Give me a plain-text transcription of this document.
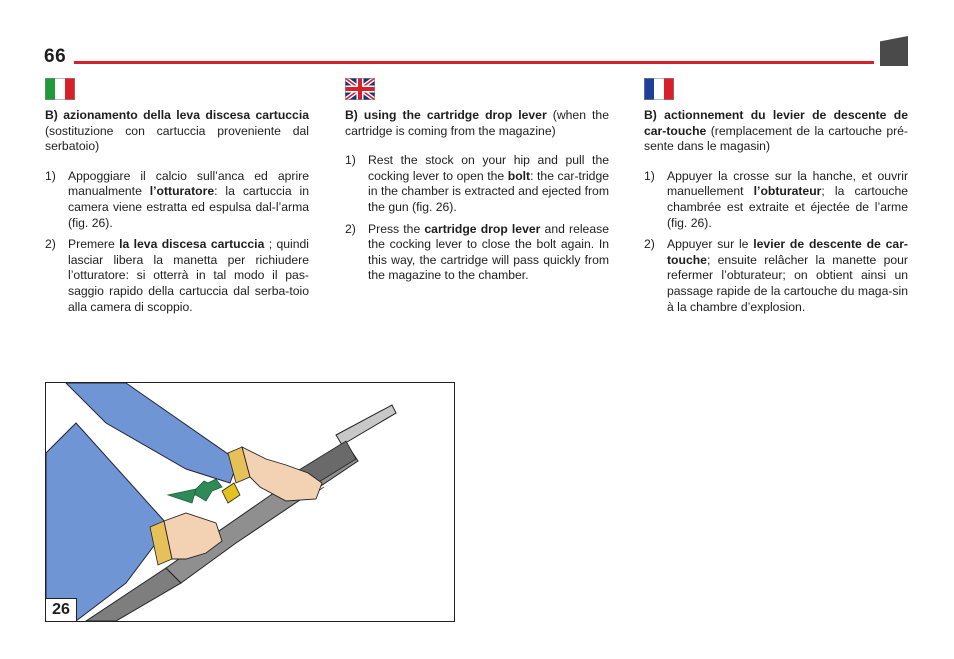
66

B) azionamento della leva discesa cartuccia (sostituzione con cartuccia proveniente dal serbatoio)

1) Appoggiare il calcio sull’anca ed aprire manualmente l’otturatore: la cartuccia in camera viene estratta ed espulsa dal-l’arma (fig. 26).
2) Premere la leva discesa cartuccia ; quindi lasciar libera la manetta per richiudere l’otturatore: si otterrà in tal modo il pas-saggio rapido della cartuccia dal serba-toio alla camera di scoppio.

B) using the cartridge drop lever (when the cartridge is coming from the magazine)

1) Rest the stock on your hip and pull the cocking lever to open the bolt: the car-tridge in the chamber is extracted and ejected from the gun (fig. 26).
2) Press the cartridge drop lever and release the cocking lever to close the bolt again. In this way, the cartridge will pass quickly from the magazine to the chamber.

B) actionnement du levier de descente de car-touche (remplacement de la cartouche pré-sente dans le magasin)

1) Appuyer la crosse sur la hanche, et ouvrir manuellement l’obturateur; la cartouche chambrée est extraite et éjectée de l’arme (fig. 26).
2) Appuyer sur le levier de descente de car-touche; ensuite relâcher la manette pour refermer l’obturateur; on obtient ainsi un passage rapide de la cartouche du maga-sin à la chambre d’explosion.
26
